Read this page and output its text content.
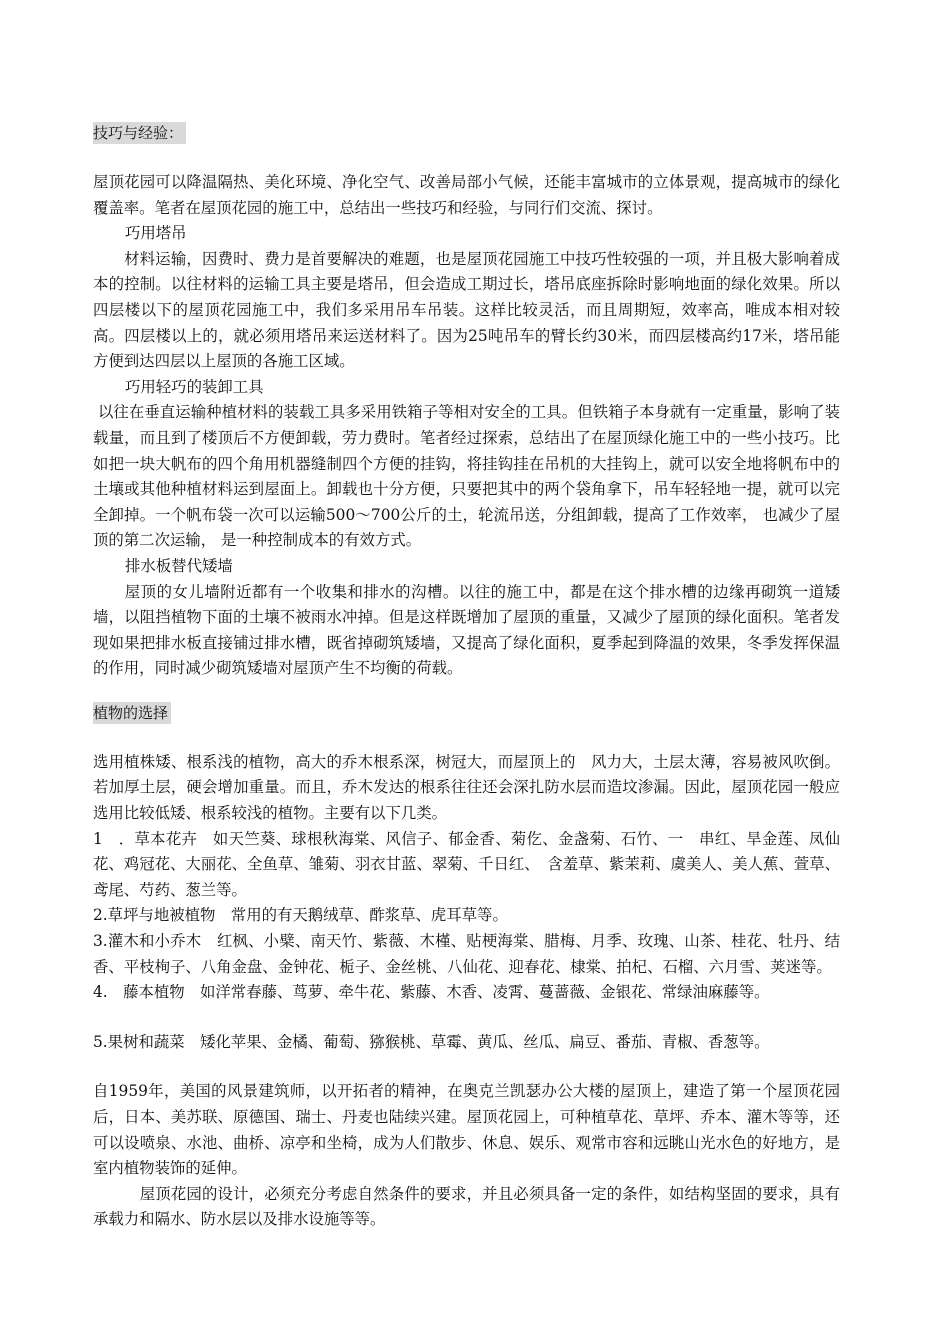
技巧与经验：

屋顶花园可以降温隔热、美化环境、净化空气、改善局部小气候，还能丰富城市的立体景观，提高城市的绿化覆盖率。笔者在屋顶花园的施工中，总结出一些技巧和经验，与同行们交流、探讨。

巧用塔吊

　　材料运输，因费时、费力是首要解决的难题，也是屋顶花园施工中技巧性较强的一项，并且极大影响着成本的控制。以往材料的运输工具主要是塔吊，但会造成工期过长，塔吊底座拆除时影响地面的绿化效果。所以四层楼以下的屋顶花园施工中，我们多采用吊车吊装。这样比较灵活，而且周期短，效率高，唯成本相对较高。四层楼以上的，就必须用塔吊来运送材料了。因为25吨吊车的臂长约30米，而四层楼高约17米，塔吊能方便到达四层以上屋顶的各施工区域。

巧用轻巧的装卸工具

以往在垂直运输种植材料的装载工具多采用铁箱子等相对安全的工具。但铁箱子本身就有一定重量，影响了装载量，而且到了楼顶后不方便卸载，劳力费时。笔者经过探索，总结出了在屋顶绿化施工中的一些小技巧。比如把一块大帆布的四个角用机器缝制四个方便的挂钩，将挂钩挂在吊机的大挂钩上，就可以安全地将帆布中的土壤或其他种植材料运到屋面上。卸载也十分方便，只要把其中的两个袋角拿下，吊车轻轻地一提，就可以完全卸掉。一个帆布袋一次可以运输500～700公斤的土，轮流吊送，分组卸载，提高了工作效率， 也减少了屋顶的第二次运输， 是一种控制成本的有效方式。

排水板替代矮墙

　　屋顶的女儿墙附近都有一个收集和排水的沟槽。以往的施工中，都是在这个排水槽的边缘再砌筑一道矮墙，以阻挡植物下面的土壤不被雨水冲掉。但是这样既增加了屋顶的重量，又减少了屋顶的绿化面积。笔者发现如果把排水板直接铺过排水槽，既省掉砌筑矮墙，又提高了绿化面积，夏季起到降温的效果，冬季发挥保温的作用，同时减少砌筑矮墙对屋顶产生不均衡的荷载。

植物的选择

选用植株矮、根系浅的植物，高大的乔木根系深，树冠大，而屋顶上的　风力大，土层太薄，容易被风吹倒。若加厚土层，硬会增加重量。而且，乔木发达的根系往往还会深扎防水层而造坟渗漏。因此，屋顶花园一般应选用比较低矮、根系较浅的植物。主要有以下几类。

1　．草本花卉　如天竺葵、球根秋海棠、风信子、郁金香、菊仡、金盏菊、石竹、一　串红、旱金莲、凤仙花、鸡冠花、大丽花、全鱼草、雏菊、羽衣甘蓝、翠菊、千日红、　含羞草、紫茉莉、虞美人、美人蕉、萱草、鸢尾、芍药、葱兰等。

2.草坪与地被植物　常用的有天鹅绒草、酢浆草、虎耳草等。

3.灌木和小乔木　红枫、小檗、南天竹、紫薇、木槿、贴梗海棠、腊梅、月季、玫瑰、山茶、桂花、牡丹、结香、平枝栒子、八角金盘、金钟花、栀子、金丝桃、八仙花、迎春花、棣棠、拍杞、石榴、六月雪、荚迷等。

4.　藤本植物　如洋常春藤、茑萝、牵牛花、紫藤、木香、凌霄、蔓蔷薇、金银花、常绿油麻藤等。

5.果树和蔬菜　矮化苹果、金橘、葡萄、猕猴桃、草霉、黄瓜、丝瓜、扁豆、番茄、青椒、香葱等。

自1959年，美国的风景建筑师，以开拓者的精神，在奥克兰凯瑟办公大楼的屋顶上，建造了第一个屋顶花园后，日本、美苏联、原德国、瑞士、丹麦也陆续兴建。屋顶花园上，可种植草花、草坪、乔本、灌木等等，还可以设喷泉、水池、曲桥、凉亭和坐椅，成为人们散步、休息、娱乐、观常市容和远眺山光水色的好地方，是室内植物装饰的延伸。

　　　屋顶花园的设计，必须充分考虑自然条件的要求，并且必须具备一定的条件，如结构坚固的要求，具有承载力和隔水、防水层以及排水设施等等。
